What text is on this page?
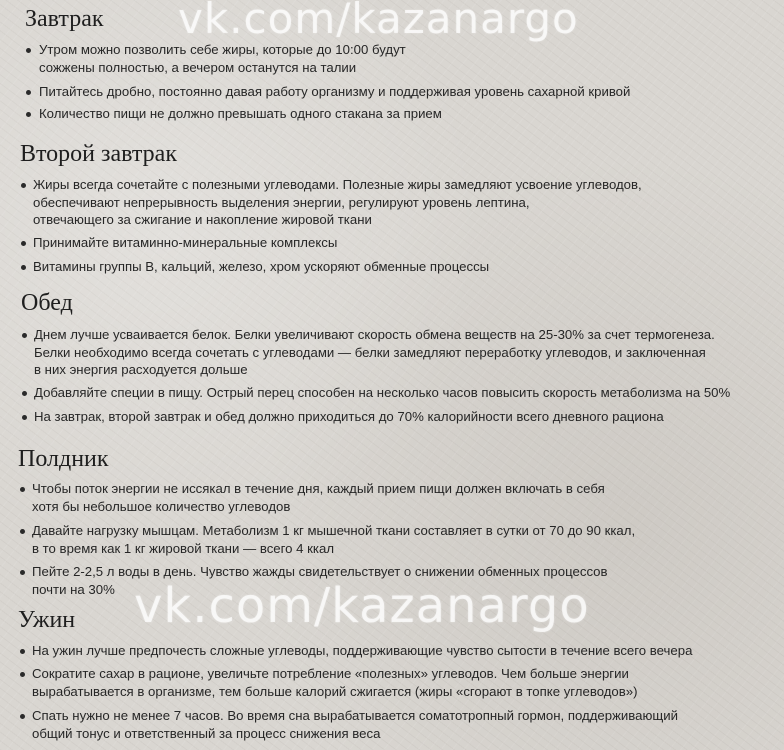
Завтрак
Утром можно позволить себе жиры, которые до 10:00 будут
сожжены полностью, а вечером останутся на талии
Питайтесь дробно, постоянно давая работу организму и поддерживая уровень сахарной кривой
Количество пищи не должно превышать одного стакана за прием
Второй завтрак
Жиры всегда сочетайте с полезными углеводами. Полезные жиры замедляют усвоение углеводов,
обеспечивают непрерывность выделения энергии, регулируют уровень лептина,
отвечающего за сжигание и накопление жировой ткани
Принимайте витаминно-минеральные комплексы
Витамины группы В, кальций, железо, хром ускоряют обменные процессы
Обед
Днем лучше усваивается белок. Белки увеличивают скорость обмена веществ на 25-30% за счет термогенеза.
Белки необходимо всегда сочетать с углеводами — белки замедляют переработку углеводов, и заключенная
в них энергия расходуется дольше
Добавляйте специи в пищу. Острый перец способен на несколько часов повысить скорость метаболизма на 50%
На завтрак, второй завтрак и обед должно приходиться до 70% калорийности всего дневного рациона
Полдник
Чтобы поток энергии не иссякал в течение дня, каждый прием пищи должен включать в себя
хотя бы небольшое количество углеводов
Давайте нагрузку мышцам. Метаболизм 1 кг мышечной ткани составляет в сутки от 70 до 90 ккал,
в то время как 1 кг жировой ткани — всего 4 ккал
Пейте 2-2,5 л воды в день. Чувство жажды свидетельствует о снижении обменных процессов
почти на 30%
Ужин
На ужин лучше предпочесть сложные углеводы, поддерживающие чувство сытости в течение всего вечера
Сократите сахар в рационе, увеличьте потребление «полезных» углеводов. Чем больше энергии
вырабатывается в организме, тем больше калорий сжигается (жиры «сгорают в топке углеводов»)
Спать нужно не менее 7 часов. Во время сна вырабатывается соматотропный гормон, поддерживающий
общий тонус и ответственный за процесс снижения веса
vk.com/kazanargo
vk.com/kazanargo
